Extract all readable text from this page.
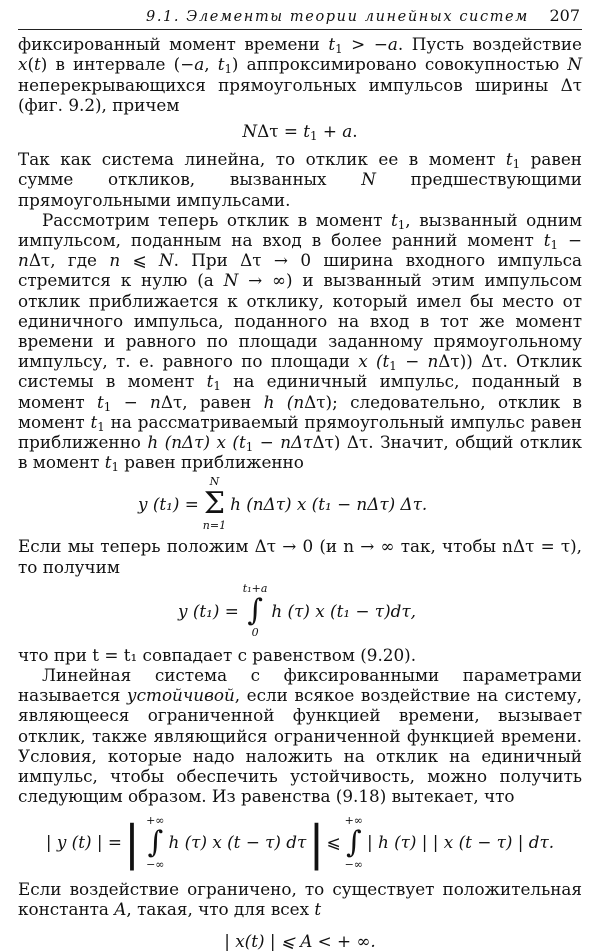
9.1. Элементы теории линейных систем 207

фиксированный момент времени $t_1 > -a$. Пусть воздействие x(t) в интервале (−a, $t_1$) аппроксимировано совокупностью N неперекрывающихся прямоугольных импульсов ширины Δτ (фиг. 9.2), причем

$N\Delta\tau = t_1 + a$.

Так как система линейна, то отклик ее в момент $t_1$ равен сумме откликов, вызванных N предшествующими прямоугольными импульсами.

Рассмотрим теперь отклик в момент $t_1$, вызванный одним импульсом, поданным на вход в более ранний момент $t_1 - n\Delta\tau$, где n ⩽ N. При Δτ → 0 ширина входного импульса стремится к нулю (а N → ∞) и вызванный этим импульсом отклик приближается к отклику, который имел бы место от единичного импульса, поданного на вход в тот же момент времени и равного по площади заданному прямоугольному импульсу, т. е. равного по площади x $(t_1 - n\Delta\tau)$) Δτ. Отклик системы в момент $t_1$ на единичный импульс, поданный в момент $t_1 - n\Delta\tau$, равен h (nΔτ); следовательно, отклик в момент $t_1$ на рассматриваемый прямоугольный импульс равен приближенно h (nΔτ) x $(t_1 - n\Delta\tau\Delta\tau)$ Δτ. Значит, общий отклик в момент $t_1$ равен приближенно

y (t₁) =
N
Σ
n=1
h (nΔτ) x (t₁ − nΔτ) Δτ.

Если мы теперь положим Δτ → 0 (и n → ∞ так, чтобы nΔτ = τ), то получим

y (t₁) =
t₁+a
∫
0
h (τ) x (t₁ − τ)dτ,

что при t = t₁ совпадает с равенством (9.20).

Линейная система с фиксированными параметрами называется устойчивой, если всякое воздействие на систему, являющееся ограниченной функцией времени, вызывает отклик, также являющийся ограниченной функцией времени. Условия, которые надо наложить на отклик на единичный импульс, чтобы обеспечить устойчивость, можно получить следующим образом. Из равенства (9.18) вытекает, что

| y (t) | = | +∞
∫
−∞
h (τ) x (t − τ) dτ | ⩽
+∞
∫
−∞
| h (τ) | | x (t − τ) | dτ.

Если воздействие ограничено, то существует положительная константа A, такая, что для всех t

| x(t) | ⩽ A < + ∞.
